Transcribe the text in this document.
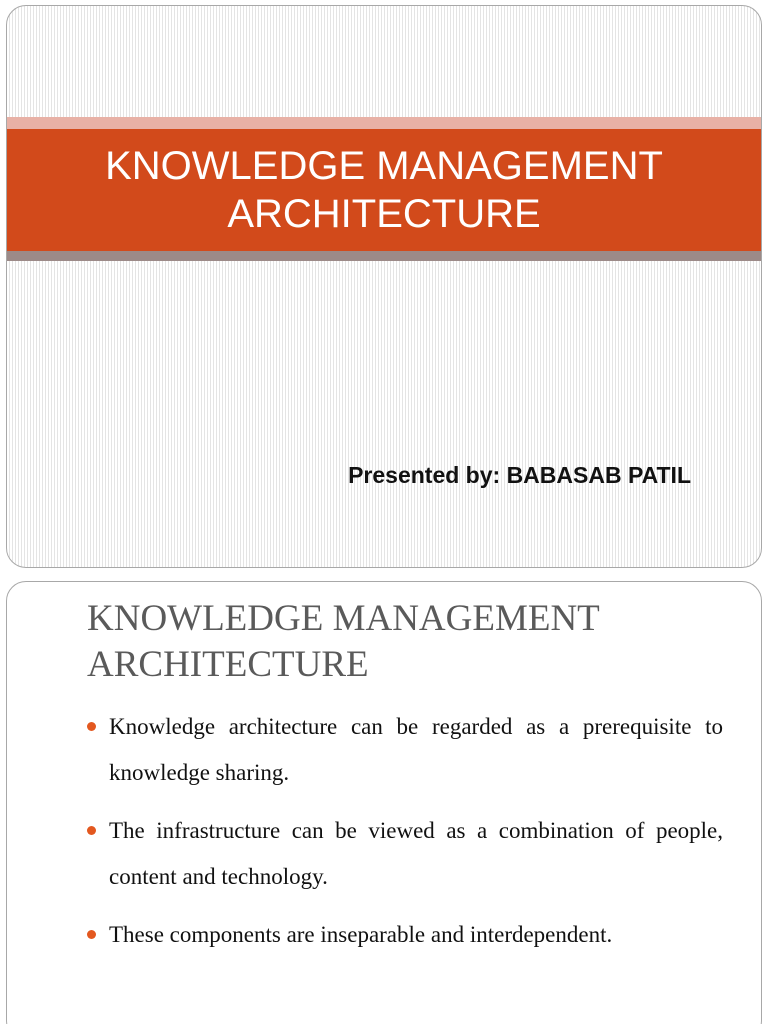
KNOWLEDGE MANAGEMENT ARCHITECTURE

Presented by: BABASAB PATIL

KNOWLEDGE MANAGEMENT ARCHITECTURE
Knowledge architecture can be regarded as a prerequisite to knowledge sharing.
The infrastructure can be viewed as a combination of people, content and technology.
These components are inseparable and interdependent.
